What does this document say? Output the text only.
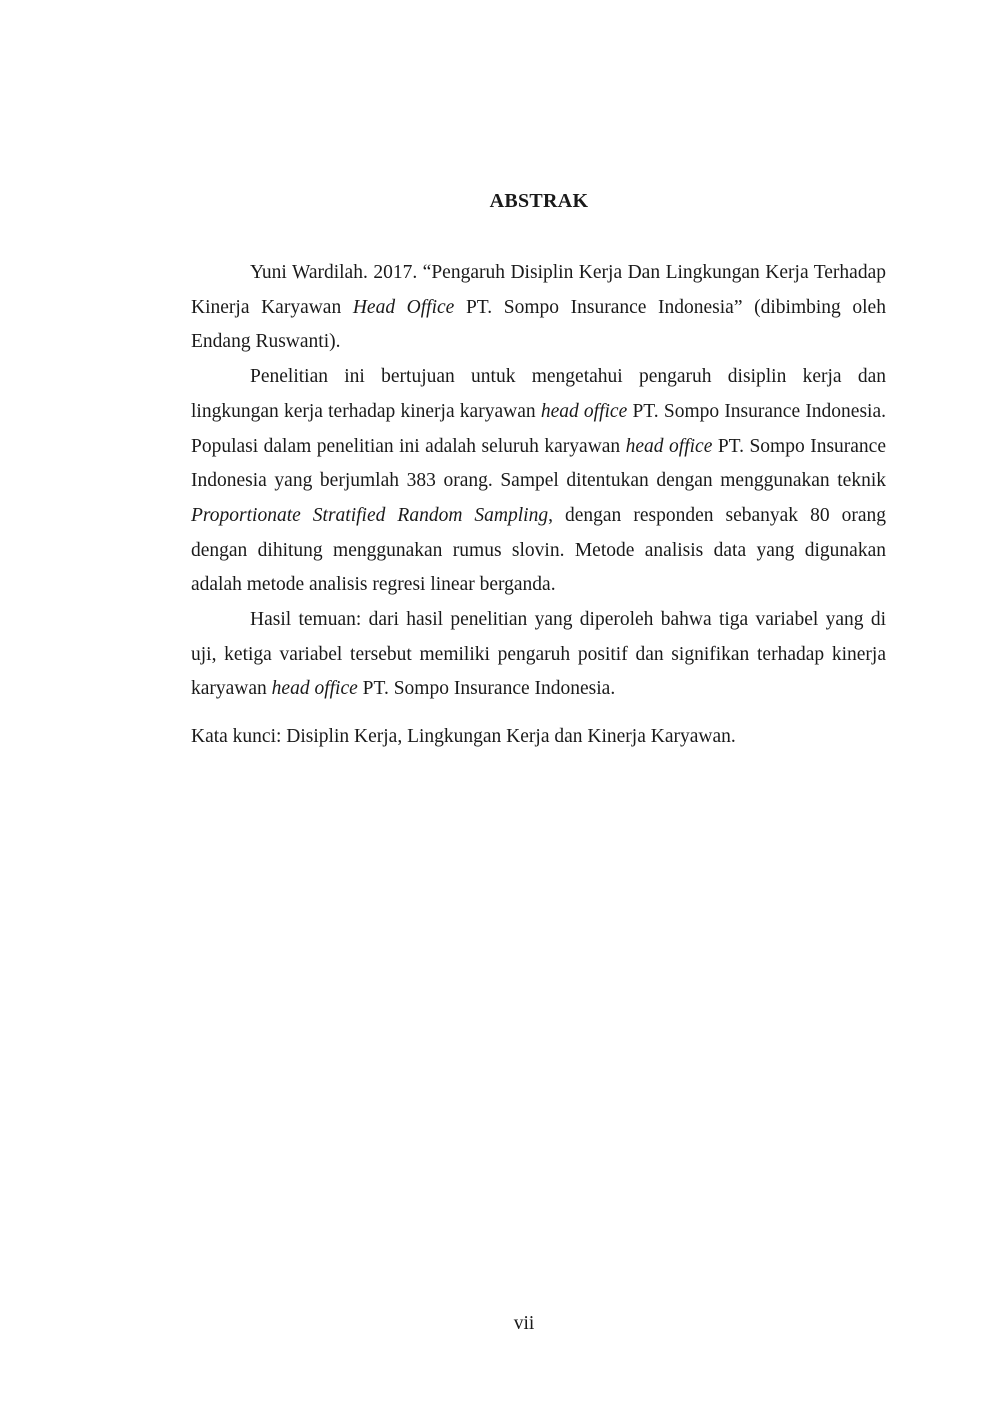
ABSTRAK

Yuni Wardilah. 2017. “Pengaruh Disiplin Kerja Dan Lingkungan Kerja Terhadap Kinerja Karyawan Head Office PT. Sompo Insurance Indonesia” (dibimbing oleh Endang Ruswanti).

Penelitian ini bertujuan untuk mengetahui pengaruh disiplin kerja dan lingkungan kerja terhadap kinerja karyawan head office PT. Sompo Insurance Indonesia. Populasi dalam penelitian ini adalah seluruh karyawan head office PT. Sompo Insurance Indonesia yang berjumlah 383 orang. Sampel ditentukan dengan menggunakan teknik Proportionate Stratified Random Sampling, dengan responden sebanyak 80 orang dengan dihitung menggunakan rumus slovin. Metode analisis data yang digunakan adalah metode analisis regresi linear berganda.

Hasil temuan: dari hasil penelitian yang diperoleh bahwa tiga variabel yang di uji, ketiga variabel tersebut memiliki pengaruh positif dan signifikan terhadap kinerja karyawan head office PT. Sompo Insurance Indonesia.

Kata kunci: Disiplin Kerja, Lingkungan Kerja dan Kinerja Karyawan.

vii
